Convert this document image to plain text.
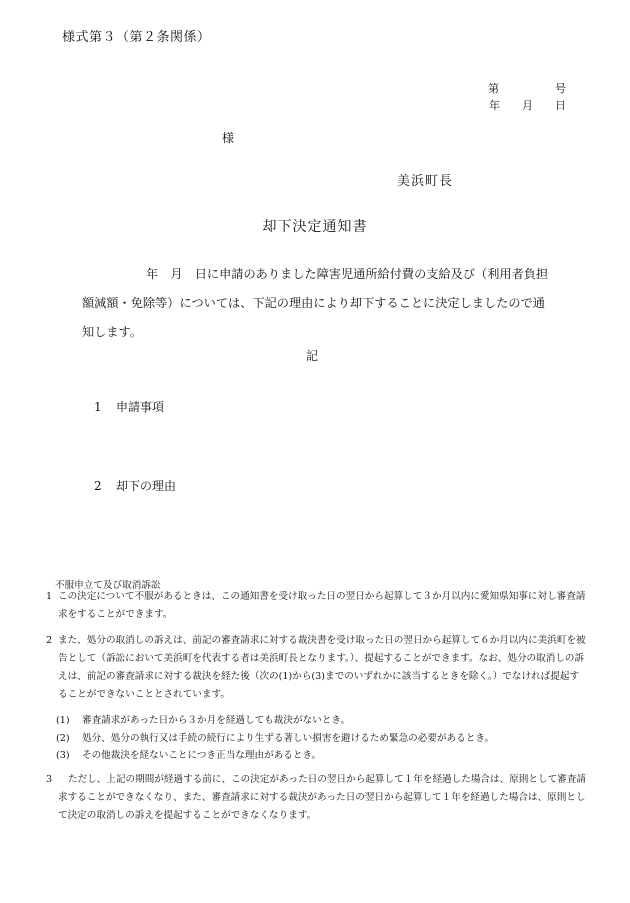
様式第３（第２条関係）
第	号
年 月 日
様
美浜町長
却下決定通知書

年　月　日に申請のありました障害児通所給付費の支給及び（利用者負担

額減額・免除等）については、下記の理由により却下することに決定しましたので通

知します。

記
1 申請事項
2 却下の理由
不服申立て及び取消訴訟
1 この決定について不服があるときは、この通知書を受け取った日の翌日から起算して３か月以内に愛知県知事に対し審査請求をすることができます。
2 また、処分の取消しの訴えは、前記の審査請求に対する裁決書を受け取った日の翌日から起算して６か月以内に美浜町を被告として（訴訟において美浜町を代表する者は美浜町長となります。）、提起することができます。なお、処分の取消しの訴えは、前記の審査請求に対する裁決を経た後（次の(1)から(3)までのいずれかに該当するときを除く。）でなければ提起することができないこととされています。
(1) 審査請求があった日から３か月を経過しても裁決がないとき。
(2) 処分、処分の執行又は手続の続行により生ずる著しい損害を避けるため緊急の必要があるとき。
(3) その他裁決を経ないことにつき正当な理由があるとき。
3 ただし、上記の期間が経過する前に、この決定があった日の翌日から起算して１年を経過した場合は、原則として審査請求することができなくなり、また、審査請求に対する裁決があった日の翌日から起算して１年を経過した場合は、原則として決定の取消しの訴えを提起することができなくなります。
